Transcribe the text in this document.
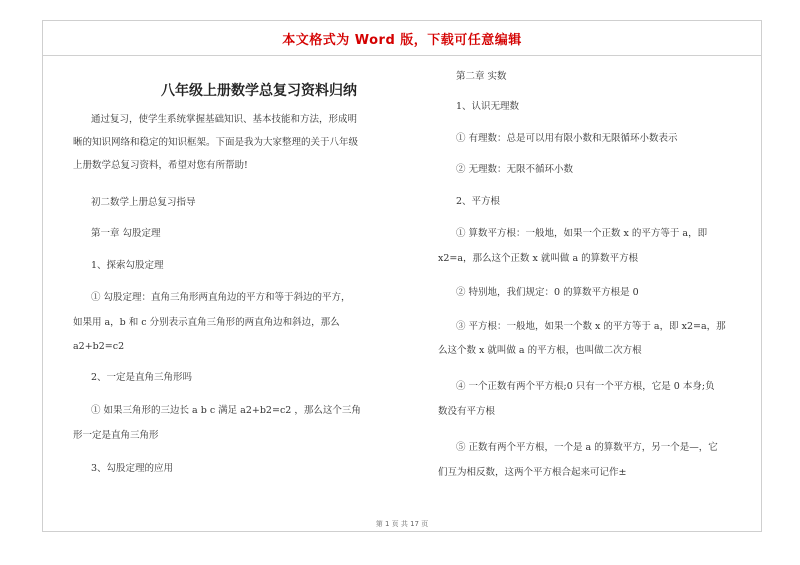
本文格式为 Word 版，下载可任意编辑
八年级上册数学总复习资料归纳
通过复习，使学生系统掌握基础知识、基本技能和方法，形成明
晰的知识网络和稳定的知识框架。下面是我为大家整理的关于八年级
上册数学总复习资料，希望对您有所帮助!
初二数学上册总复习指导
第一章 勾股定理
1、探索勾股定理
① 勾股定理：直角三角形两直角边的平方和等于斜边的平方，
如果用 a，b 和 c 分别表示直角三角形的两直角边和斜边，那么
a2+b2=c2
2、一定是直角三角形吗
① 如果三角形的三边长 a b c 满足 a2+b2=c2 ，那么这个三角
形一定是直角三角形
3、勾股定理的应用
第二章 实数
1、认识无理数
① 有理数：总是可以用有限小数和无限循环小数表示
② 无理数：无限不循环小数
2、平方根
① 算数平方根：一般地，如果一个正数 x 的平方等于 a，即
x2=a，那么这个正数 x 就叫做 a 的算数平方根
② 特别地，我们规定：0 的算数平方根是 0
③ 平方根：一般地，如果一个数 x 的平方等于 a，即 x2=a，那
么这个数 x 就叫做 a 的平方根，也叫做二次方根
④ 一个正数有两个平方根;0 只有一个平方根，它是 0 本身;负
数没有平方根
⑤ 正数有两个平方根，一个是 a 的算数平方，另一个是—，它
们互为相反数，这两个平方根合起来可记作±
第 1 页 共 17 页
